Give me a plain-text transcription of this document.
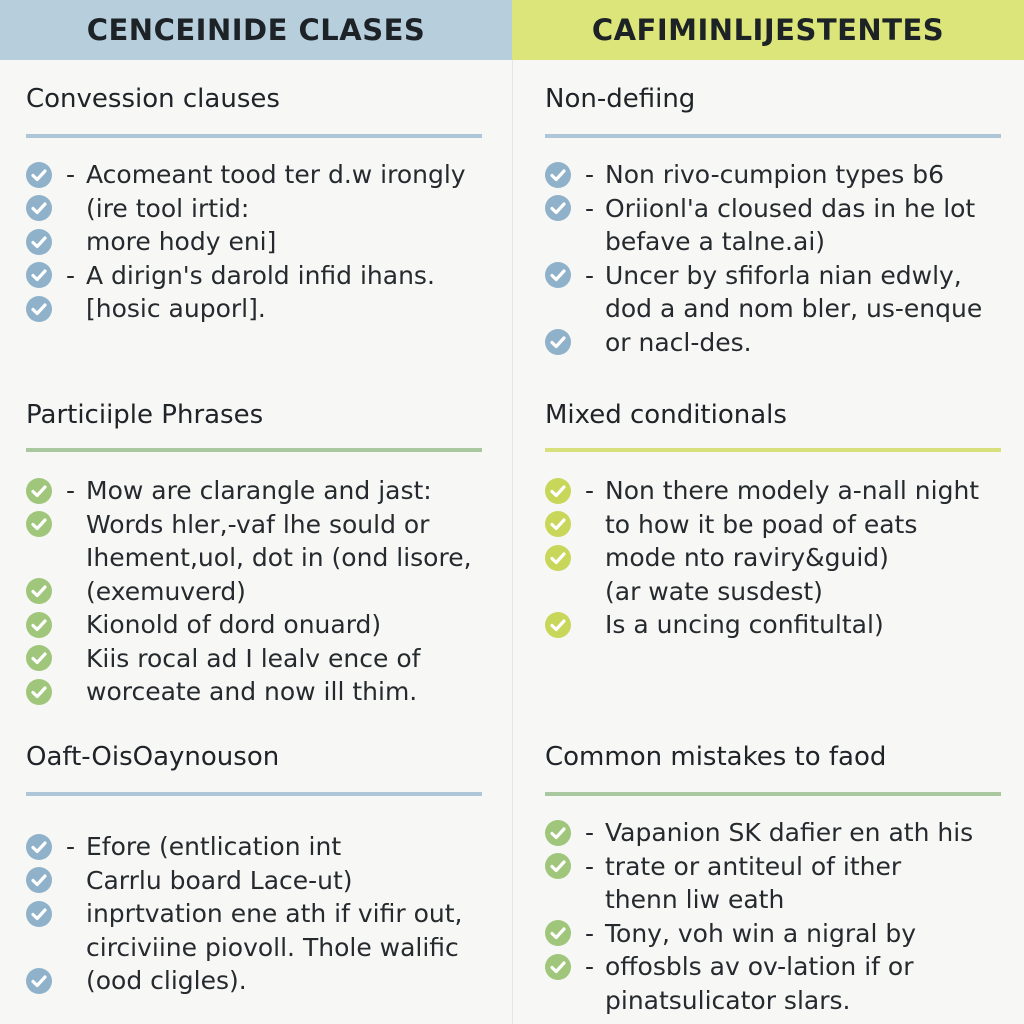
CENCEINIDE CLASES	CAFIMINLIJESTENTES
Convession clauses
- Acomeant tood ter d.w irongly
(ire tool irtid:
more hody eni]
- A dirign's darold infid ihans.
[hosic auporl].
Particiiple Phrases
- Mow are clarangle and jast:
Words hler,-vaf lhe sould or
Ihement,uol, dot in (ond lisore,
(exemuverd)
Kionold of dord onuard)
Kiis rocal ad I lealv ence of
worceate and now ill thim.
Oaft-OisOaynouson
- Efore (entlication int
Carrlu board Lace-ut)
inprtvation ene ath if vifir out,
circiviine piovoll. Thole walific
(ood cligles).
Non-defiing
- Non rivo-cumpion types b6
- Oriionl'a cloused das in he lot
befave a talne.ai)
- Uncer by sfiforla nian edwly,
dod a and nom bler, us-enque
or nacl-des.
Mixed conditionals
- Non there modely a-nall night
to how it be poad of eats
mode nto raviry&guid)
(ar wate susdest)
Is a uncing confitultal)
Common mistakes to faod
- Vapanion SK dafier en ath his
- trate or antiteul of ither
thenn liw eath
- Tony, voh win a nigral by
- offosbls av ov-lation if or
pinatsulicator slars.
